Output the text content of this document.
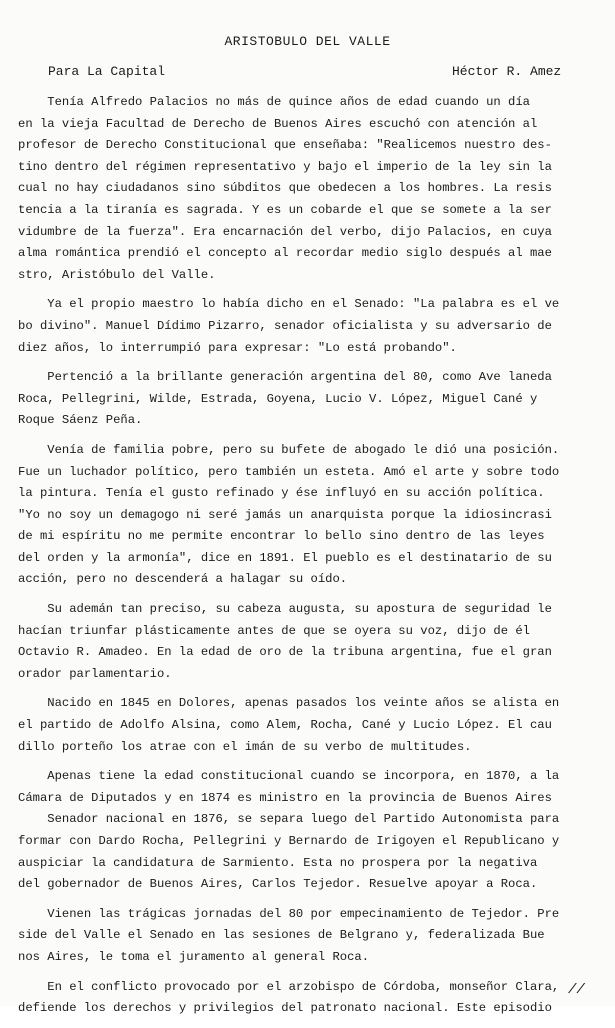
ARISTOBULO DEL VALLE
Para La Capital	Héctor R. Amez
Tenía Alfredo Palacios no más de quince años de edad cuando un día
en la vieja Facultad de Derecho de Buenos Aires escuchó con atención al
profesor de Derecho Constitucional que enseñaba: "Realicemos nuestro des-
tino dentro del régimen representativo y bajo el imperio de la ley sin la
cual no hay ciudadanos sino súbditos que obedecen a los hombres. La resis
tencia a la tiranía es sagrada. Y es un cobarde el que se somete a la ser
vidumbre de la fuerza". Era encarnación del verbo, dijo Palacios, en cuya
alma romántica prendió el concepto al recordar medio siglo después al mae
stro, Aristóbulo del Valle.
Ya el propio maestro lo había dicho en el Senado: "La palabra es el ve
bo divino". Manuel Dídimo Pizarro, senador oficialista y su adversario de
diez años, lo interrumpió para expresar: "Lo está probando".
Pertenció a la brillante generación argentina del 80, como Ave laneda
Roca, Pellegrini, Wilde, Estrada, Goyena, Lucio V. López, Miguel Cané y
Roque Sáenz Peña.
Venía de familia pobre, pero su bufete de abogado le dió una posición.
Fue un luchador político, pero también un esteta. Amó el arte y sobre todo
la pintura. Tenía el gusto refinado y ése influyó en su acción política.
"Yo no soy un demagogo ni seré jamás un anarquista porque la idiosincrasi
de mi espíritu no me permite encontrar lo bello sino dentro de las leyes
del orden y la armonía", dice en 1891. El pueblo es el destinatario de su
acción, pero no descenderá a halagar su oído.
Su ademán tan preciso, su cabeza augusta, su apostura de seguridad le
hacían triunfar plásticamente antes de que se oyera su voz, dijo de él
Octavio R. Amadeo. En la edad de oro de la tribuna argentina, fue el gran
orador parlamentario.
Nacido en 1845 en Dolores, apenas pasados los veinte años se alista en
el partido de Adolfo Alsina, como Alem, Rocha, Cané y Lucio López. El cau
dillo porteño los atrae con el imán de su verbo de multitudes.
Apenas tiene la edad constitucional cuando se incorpora, en 1870, a la
Cámara de Diputados y en 1874 es ministro en la provincia de Buenos Aires
Senador nacional en 1876, se separa luego del Partido Autonomista para
formar con Dardo Rocha, Pellegrini y Bernardo de Irigoyen el Republicano y
auspiciar la candidatura de Sarmiento. Esta no prospera por la negativa
del gobernador de Buenos Aires, Carlos Tejedor. Resuelve apoyar a Roca.
Vienen las trágicas jornadas del 80 por empecinamiento de Tejedor. Pre
side del Valle el Senado en las sesiones de Belgrano y, federalizada Bue
nos Aires, le toma el juramento al general Roca.
En el conflicto provocado por el arzobispo de Córdoba, monseñor Clara,
defiende los derechos y privilegios del patronato nacional. Este episodio
//
